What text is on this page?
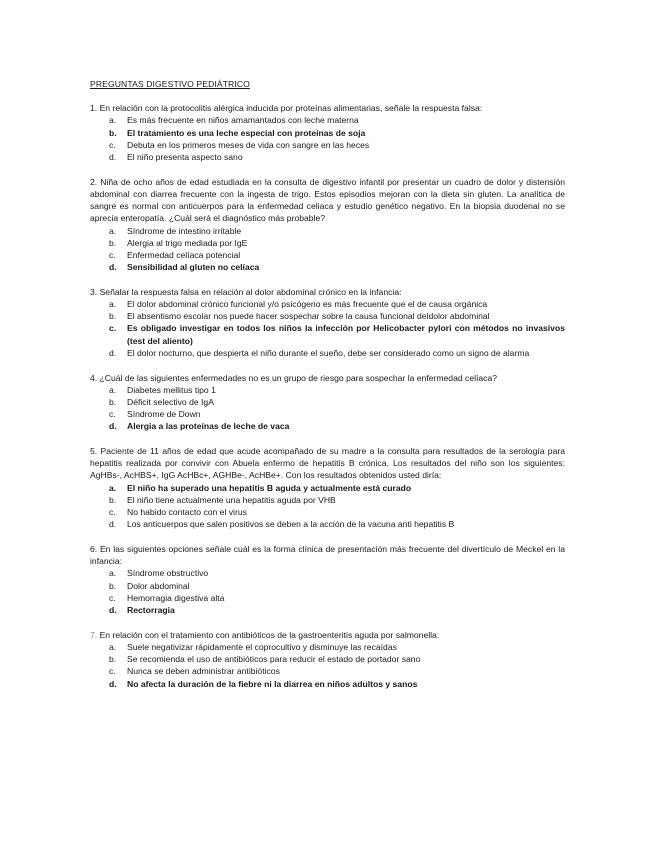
PREGUNTAS DIGESTIVO PEDIÁTRICO
1. En relación con la protocolitis alérgica inducida por proteínas alimentarias, señale la respuesta falsa:
a.	Es más frecuente en niños amamantados con leche materna
b.	El tratamiento es una leche especial con proteínas de soja
c.	Debuta en los primeros meses de vida con sangre en las heces
d.	El niño presenta aspecto sano
2. Niña de ocho años de edad estudiada en la consulta de digestivo infantil por presentar un cuadro de dolor y distensión abdominal con diarrea frecuente con la ingesta de trigo. Estos episodios mejoran con la dieta sin gluten. La analítica de sangre es normal con anticuerpos para la enfermedad celiaca y estudio genético negativo. En la biopsia duodenal no se aprecia enteropatía. ¿Cuál será el diagnóstico más probable?
a.	Síndrome de intestino irritable
b.	Alergia al trigo mediada por IgE
c.	Enfermedad celíaca potencial
d.	Sensibilidad al gluten no celíaca
3. Señalar la respuesta falsa en relación al dolor abdominal crónico en la infancia:
a.	El dolor abdominal crónico funcional y/o psicógeno es más frecuente que el de causa orgánica
b.	El absentismo escolar nos puede hacer sospechar sobre la causa funcional deldolor abdominal
c.	Es obligado investigar en todos los niños la infección por Helicobacter pylori con métodos no invasivos (test del aliento)
d.	El dolor nocturno, que despierta el niño durante el sueño, debe ser considerado como un signo de alarma
4. ¿Cuál de las siguientes enfermedades no es un grupo de riesgo para sospechar la enfermedad celíaca?
a.	Diabetes mellitus tipo 1
b.	Déficit selectivo de IgA
c.	Síndrome de Down
d.	Alergia a las proteínas de leche de vaca
5. Paciente de 11 años de edad que acude acompañado de su madre a la consulta para resultados de la serología para hepatitis realizada por convivir con Abuela enfermo de hepatitis B crónica. Los resultados del niño son los siguientes: AgHBs-, AcHBS+, IgG AcHBc+, AGHBe-, AcHBe+. Con los resultados obtenidos usted diría:
a.	El niño ha superado una hepatitis B aguda y actualmente está curado
b.	El niño tiene actualmente una hepatitis aguda por VHB
c.	No habido contacto con el virus
d.	Los anticuerpos que salen positivos se deben a la acción de la vacuna anti hepatitis B
6. En las siguientes opciones señale cuál es la forma clínica de presentación más frecuente del divertículo de Meckel en la infancia:
a.	Síndrome obstructivo
b.	Dolor abdominal
c.	Hemorragia digestiva alta
d.	Rectorragia
7. En relación con el tratamiento con antibióticos de la gastroenteritis aguda por salmonella:
a.	Suele negativizar rápidamente el coprocultivo y disminuye las recaídas
b.	Se recomienda el uso de antibióticos para reducir el estado de portador sano
c.	Nunca se deben administrar antibióticos
d.	No afecta la duración de la fiebre ni la diarrea en niños adultos y sanos
